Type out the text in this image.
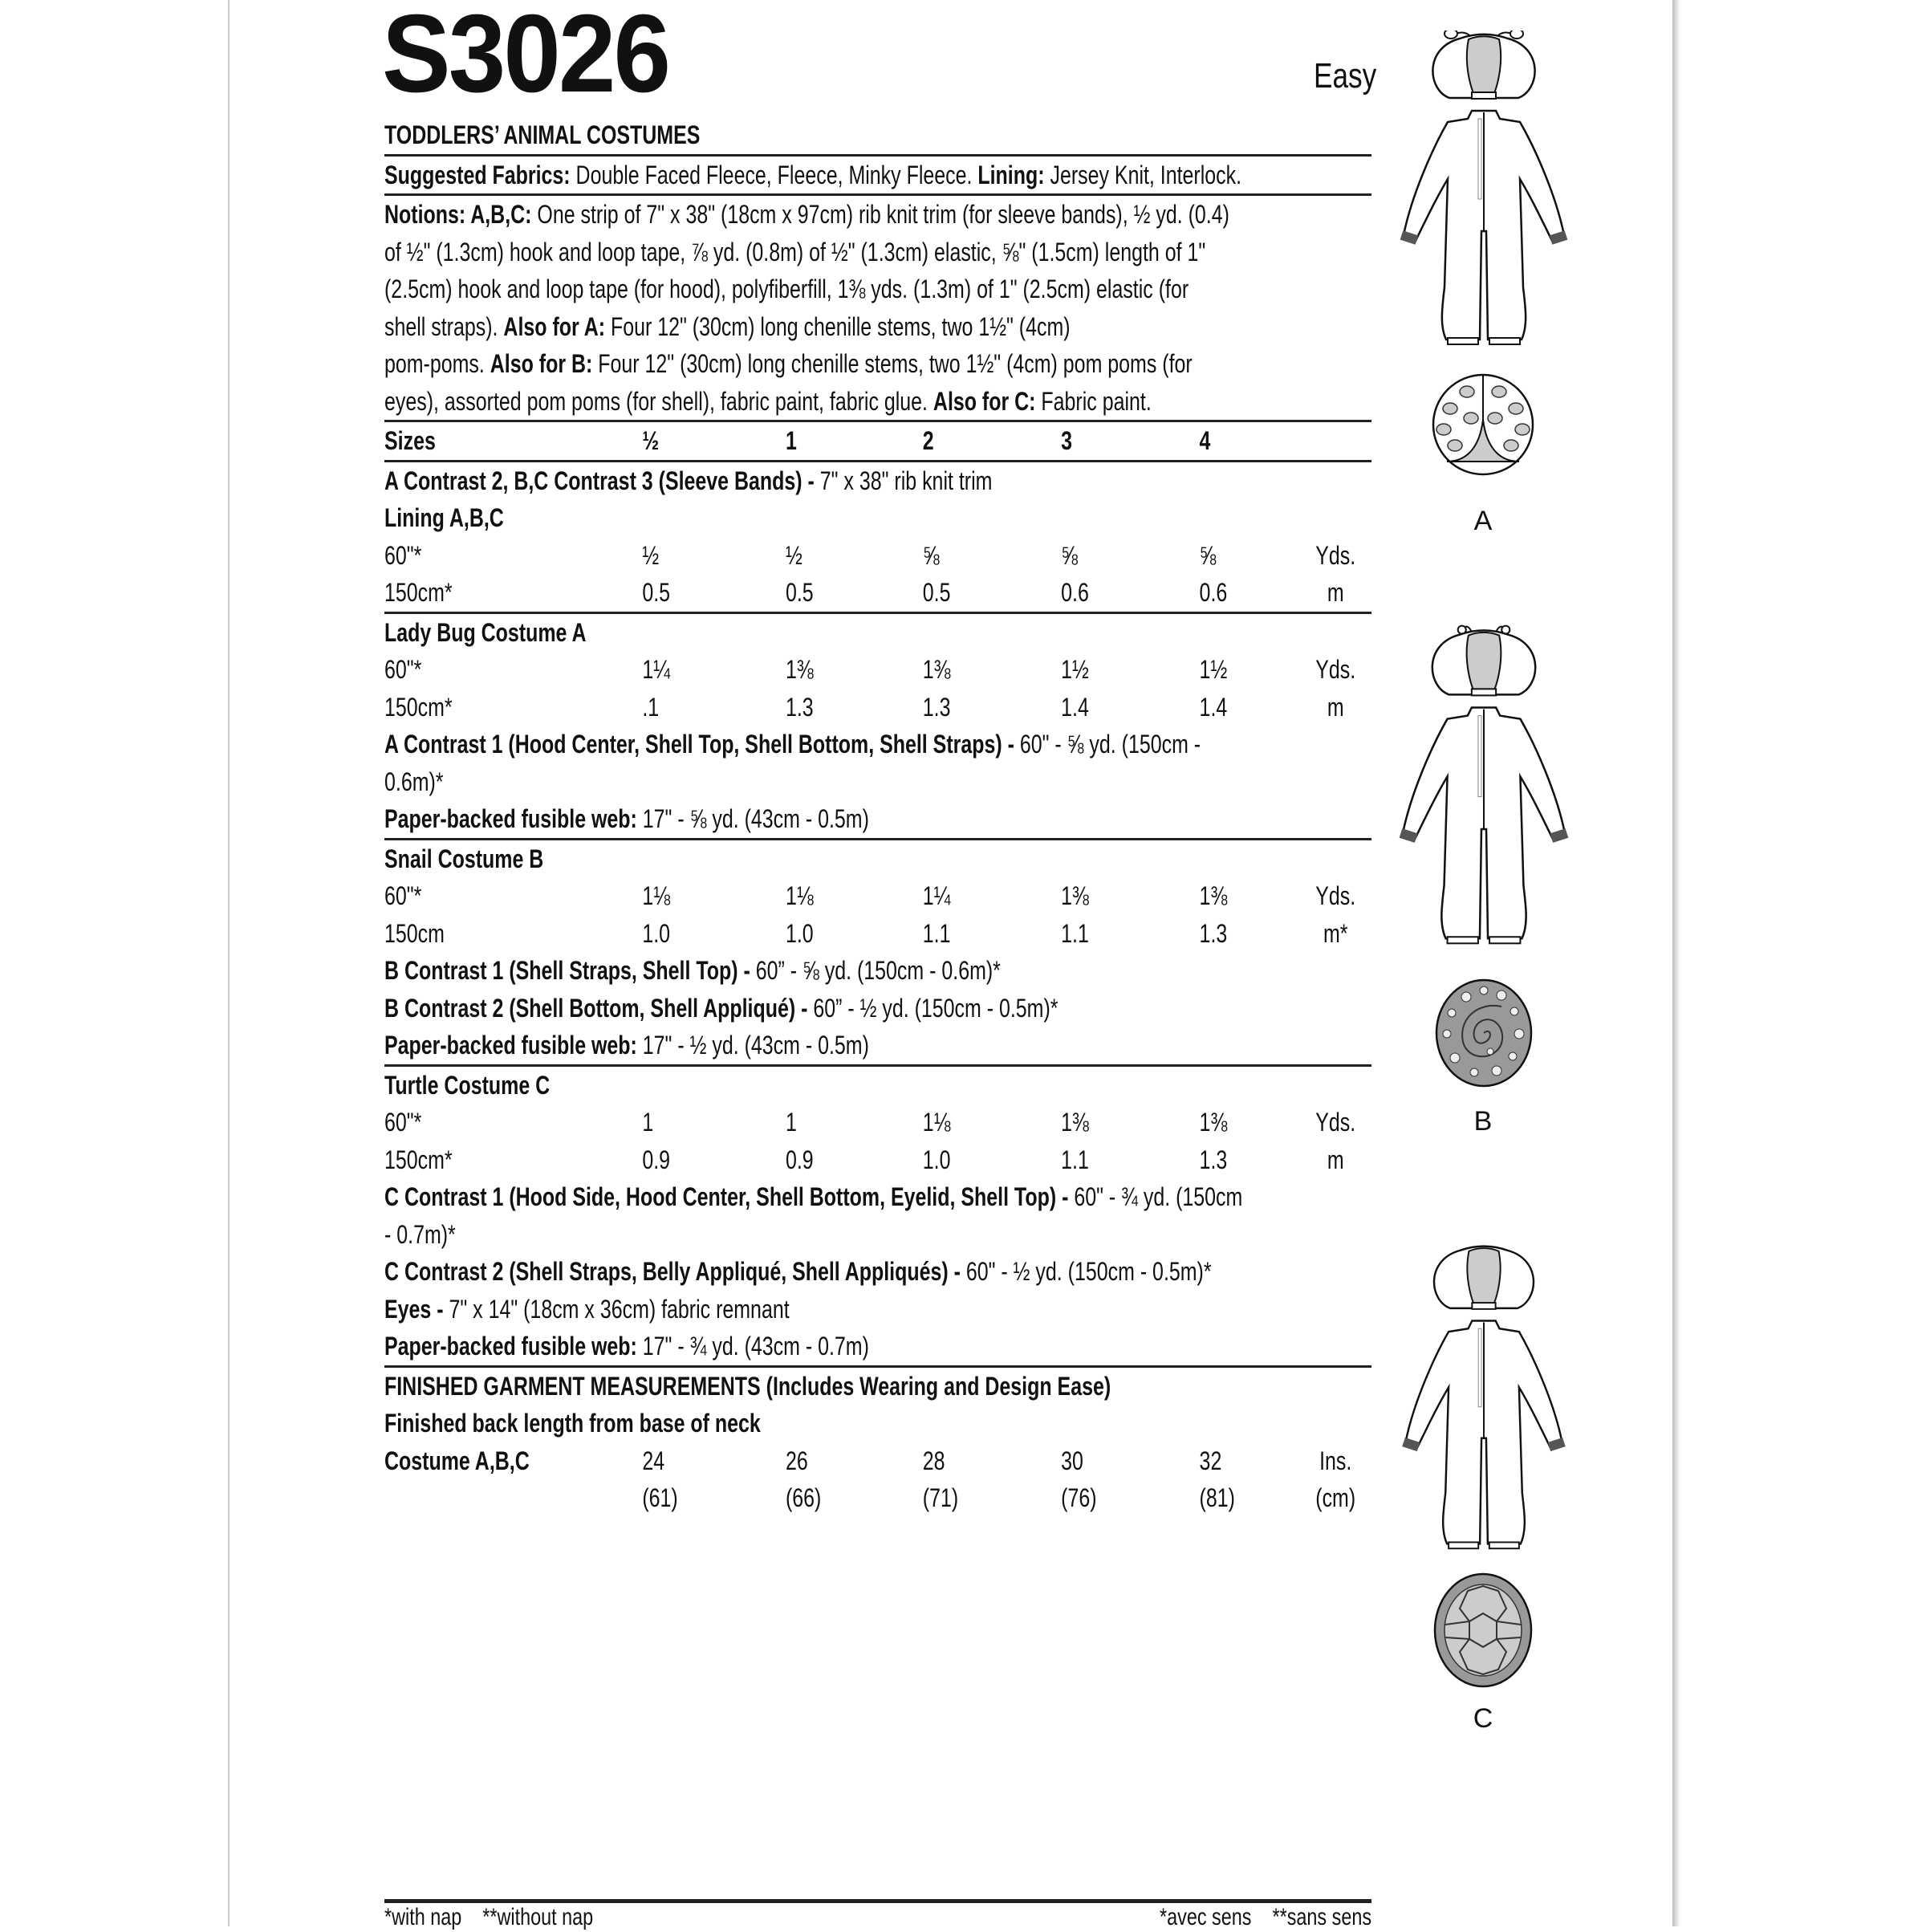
S3026	Easy
TODDLERS’ ANIMAL COSTUMES
Suggested Fabrics: Double Faced Fleece, Fleece, Minky Fleece. Lining: Jersey Knit, Interlock.
Notions: A,B,C: One strip of 7" x 38" (18cm x 97cm) rib knit trim (for sleeve bands), ½ yd. (0.4)
of ½" (1.3cm) hook and loop tape, ⅞ yd. (0.8m) of ½" (1.3cm) elastic, ⅝" (1.5cm) length of 1"
(2.5cm) hook and loop tape (for hood), polyfiberfill, 1⅜ yds. (1.3m) of 1" (2.5cm) elastic (for
shell straps). Also for A: Four 12" (30cm) long chenille stems, two 1½" (4cm)
pom-poms. Also for B: Four 12" (30cm) long chenille stems, two 1½" (4cm) pom poms (for
eyes), assorted pom poms (for shell), fabric paint, fabric glue. Also for C: Fabric paint.
Sizes	½	1	2	3	4
A Contrast 2, B,C Contrast 3 (Sleeve Bands) - 7" x 38" rib knit trim
Lining A,B,C
60"*	½	½	⅝	⅝	⅝	Yds.
150cm*	0.5	0.5	0.5	0.6	0.6	m
Lady Bug Costume A
60"*	1¼	1⅜	1⅜	1½	1½	Yds.
150cm*	.1	1.3	1.3	1.4	1.4	m
A Contrast 1 (Hood Center, Shell Top, Shell Bottom, Shell Straps) - 60" - ⅝ yd. (150cm -
0.6m)*
Paper-backed fusible web: 17" - ⅝ yd. (43cm - 0.5m)
Snail Costume B
60"*	1⅛	1⅛	1¼	1⅜	1⅜	Yds.
150cm	1.0	1.0	1.1	1.1	1.3	m*
B Contrast 1 (Shell Straps, Shell Top) - 60” - ⅝ yd. (150cm - 0.6m)*
B Contrast 2 (Shell Bottom, Shell Appliqué) - 60” - ½ yd. (150cm - 0.5m)*
Paper-backed fusible web: 17" - ½ yd. (43cm - 0.5m)
Turtle Costume C
60"*	1	1	1⅛	1⅜	1⅜	Yds.
150cm*	0.9	0.9	1.0	1.1	1.3	m
C Contrast 1 (Hood Side, Hood Center, Shell Bottom, Eyelid, Shell Top) - 60" - ¾ yd. (150cm
- 0.7m)*
C Contrast 2 (Shell Straps, Belly Appliqué, Shell Appliqués) - 60" - ½ yd. (150cm - 0.5m)*
Eyes - 7" x 14" (18cm x 36cm) fabric remnant
Paper-backed fusible web: 17" - ¾ yd. (43cm - 0.7m)
FINISHED GARMENT MEASUREMENTS (Includes Wearing and Design Ease)
Finished back length from base of neck
Costume A,B,C	24	26	28	30	32	Ins.
(61)	(66)	(71)	(76)	(81)	(cm)
*with nap    **without nap	*avec sens    **sans sens
A
B
C
